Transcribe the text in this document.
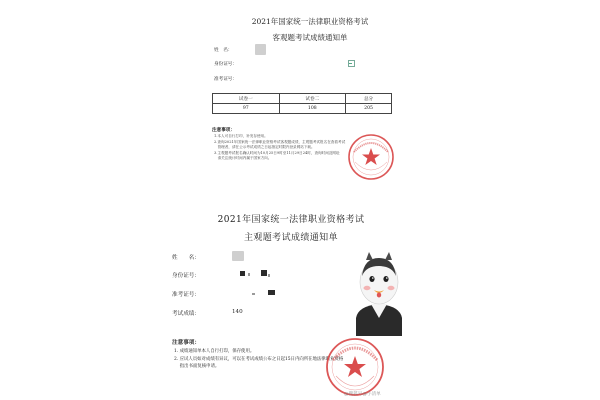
2021年国家统一法律职业资格考试
客观题考试成绩通知单
姓　名：
身份证号：
准考证号：
试卷一	试卷二	总分
97	108	205
注意事项：
1.本人可自行打印，补发存使用。
2.查询2021年国家统一法律职业资格考试客观题成绩，主观题考试报名在查看考试
　管理者，请在公示考试成绩之日起指定时限内登录网站下载。
3.主观题考试报名确认时间为10月25日9时至11月29日24时，查询时间及网址
　请关注统计时间内属于国家方向。
2021年国家统一法律职业资格考试
主观题考试成绩通知单
姓　　名：
身份证号：
准考证号：
考试成绩：	140
注意事项：
1. 成绩通知单本人自行打印，保存使用。
2. 应试人员如对成绩有异议，可以在考试成绩公布之日起15日内向所在地法律职业资格
　 指出书面复核申请。
@搜狐号@小清单
